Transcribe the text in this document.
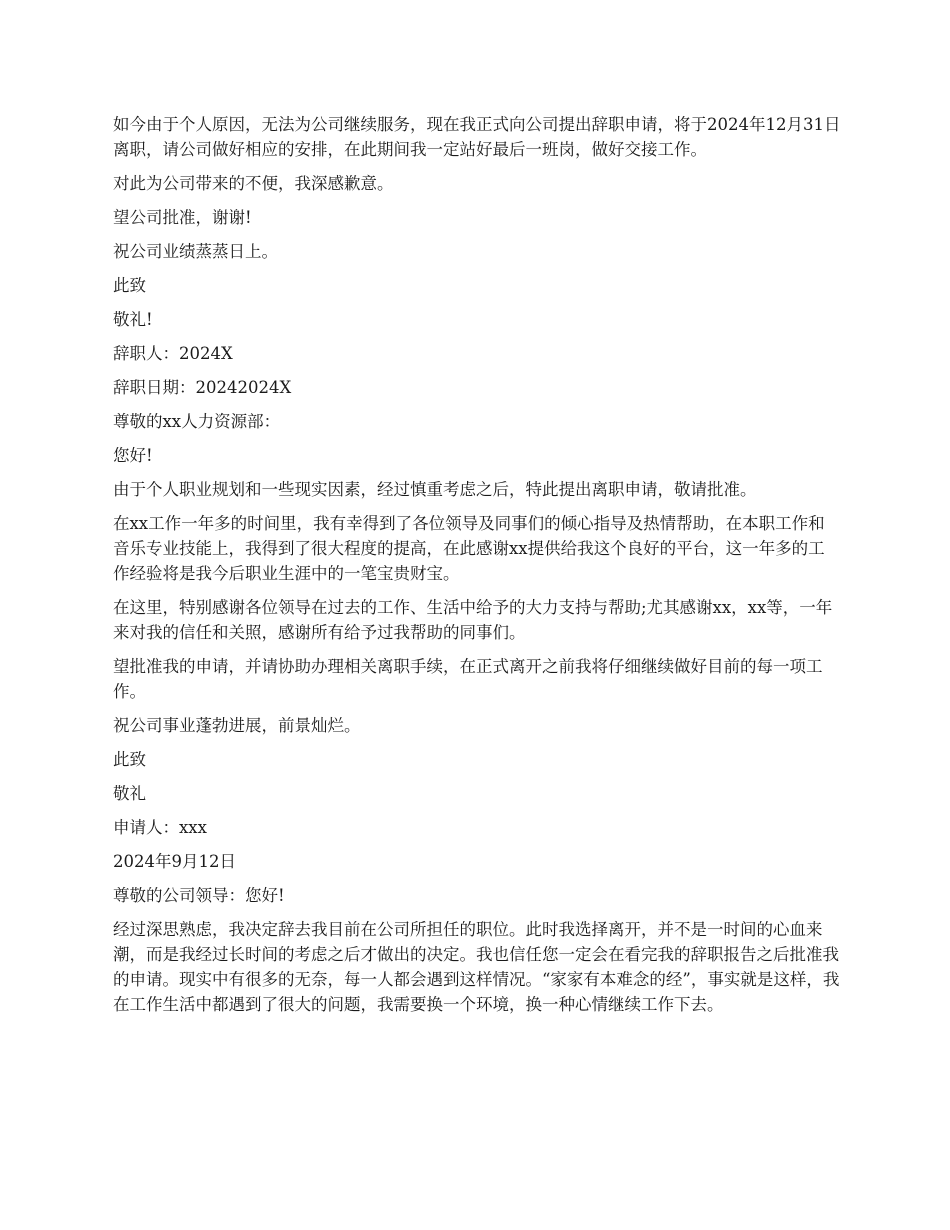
如今由于个人原因，无法为公司继续服务，现在我正式向公司提出辞职申请，将于2024年12月31日离职，请公司做好相应的安排，在此期间我一定站好最后一班岗，做好交接工作。

对此为公司带来的不便，我深感歉意。

望公司批准，谢谢!

祝公司业绩蒸蒸日上。

此致

敬礼!

辞职人：2024X

辞职日期：20242024X

尊敬的xx人力资源部：

您好!

由于个人职业规划和一些现实因素，经过慎重考虑之后，特此提出离职申请，敬请批准。

在xx工作一年多的时间里，我有幸得到了各位领导及同事们的倾心指导及热情帮助，在本职工作和音乐专业技能上，我得到了很大程度的提高，在此感谢xx提供给我这个良好的平台，这一年多的工作经验将是我今后职业生涯中的一笔宝贵财宝。

在这里，特别感谢各位领导在过去的工作、生活中给予的大力支持与帮助;尤其感谢xx，xx等，一年来对我的信任和关照，感谢所有给予过我帮助的同事们。

望批准我的申请，并请协助办理相关离职手续，在正式离开之前我将仔细继续做好目前的每一项工作。

祝公司事业蓬勃进展，前景灿烂。

此致

敬礼

申请人：xxx

2024年9月12日

尊敬的公司领导：您好!

经过深思熟虑，我决定辞去我目前在公司所担任的职位。此时我选择离开，并不是一时间的心血来潮，而是我经过长时间的考虑之后才做出的决定。我也信任您一定会在看完我的辞职报告之后批准我的申请。现实中有很多的无奈，每一人都会遇到这样情况。“家家有本难念的经”，事实就是这样，我在工作生活中都遇到了很大的问题，我需要换一个环境，换一种心情继续工作下去。
